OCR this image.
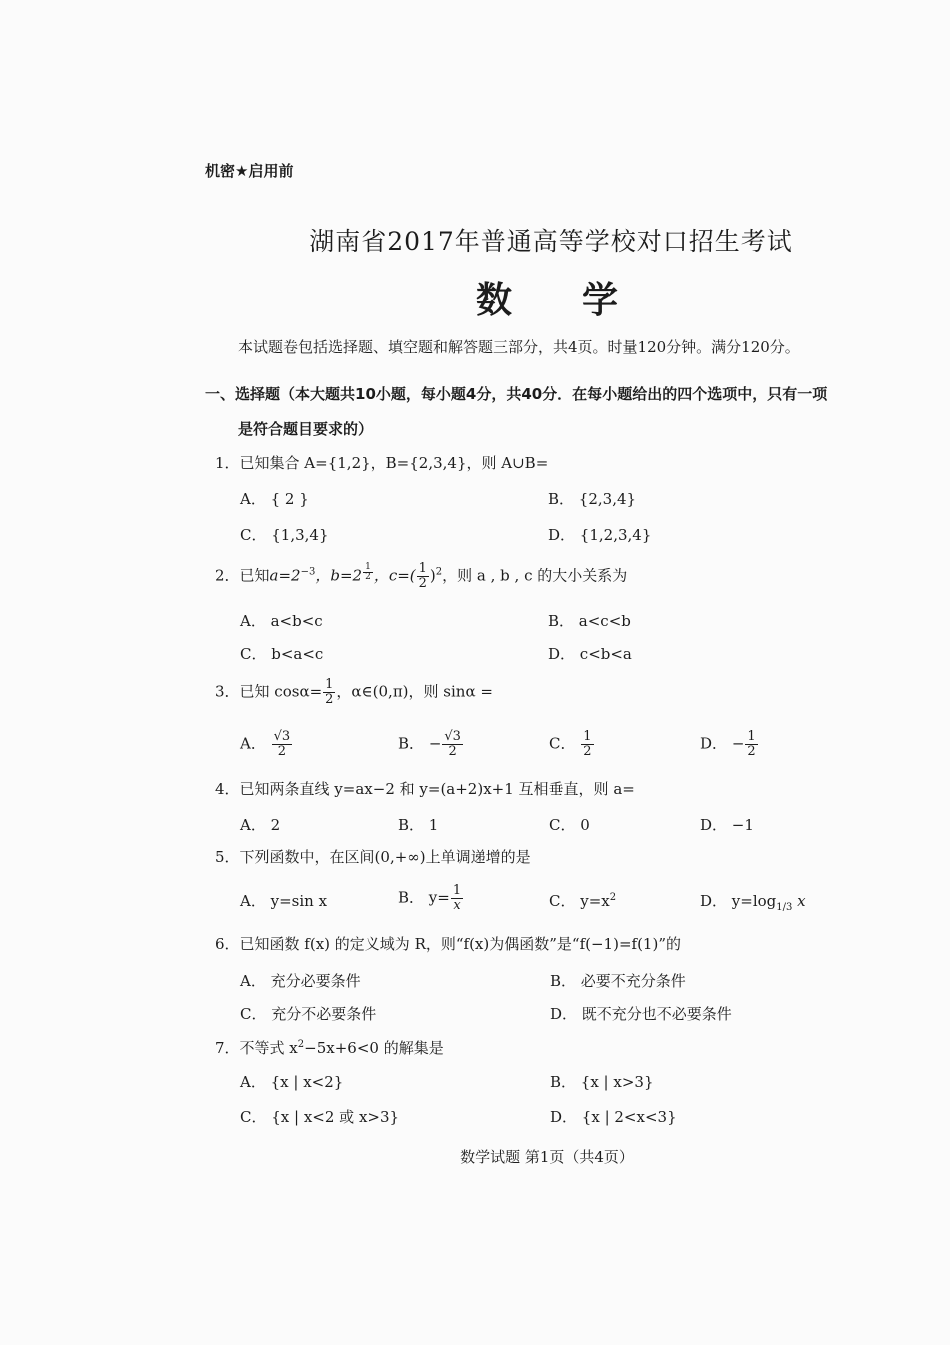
机密★启用前
湖南省2017年普通高等学校对口招生考试
数学
本试题卷包括选择题、填空题和解答题三部分，共4页。时量120分钟。满分120分。
一、选择题（本大题共10小题，每小题4分，共40分．在每小题给出的四个选项中，只有一项
是符合题目要求的）
1．已知集合 A={1,2}，B={2,3,4}，则 A∪B=
A． { 2 }	B． {2,3,4}
C． {1,3,4}	D． {1,2,3,4}
2．已知$a=2^{-3}$，b=2 $^{\frac{1}{2}}$ ，$c=( \frac{1}{2} )^2$，则 a , b , c 的大小关系为
A． a<b<c	B． a<c<b
C． b<a<c	D． c<b<a
3．已知 $\cos\alpha= \frac{1}{2}$ ，α∈(0,π)，则 sinα =
A． $\frac{√3}{2}$	B． − $\frac{√3}{2}$	C． $\frac{1}{2}$	D． − $\frac{1}{2}$
4．已知两条直线 y=ax−2 和 y=(a+2)x+1 互相垂直，则 a=
A． 2	B． 1	C． 0	D． −1
5．下列函数中，在区间(0,+∞)上单调递增的是
A． y=sin x	B． $y= \frac{1}{x}$	C． $y=x^2$	D． $y=\log_{1/3}$ x
6．已知函数 f(x) 的定义域为 R，则“f(x)为偶函数”是“f(−1)=f(1)”的
A． 充分必要条件	B． 必要不充分条件
C． 充分不必要条件	D． 既不充分也不必要条件
7．不等式 $x^2-5x+6<0$ 的解集是
A． {x | x<2}	B． {x | x>3}
C． {x | x<2 或 x>3}	D． {x | 2<x<3}
数学试题 第1页（共4页）
